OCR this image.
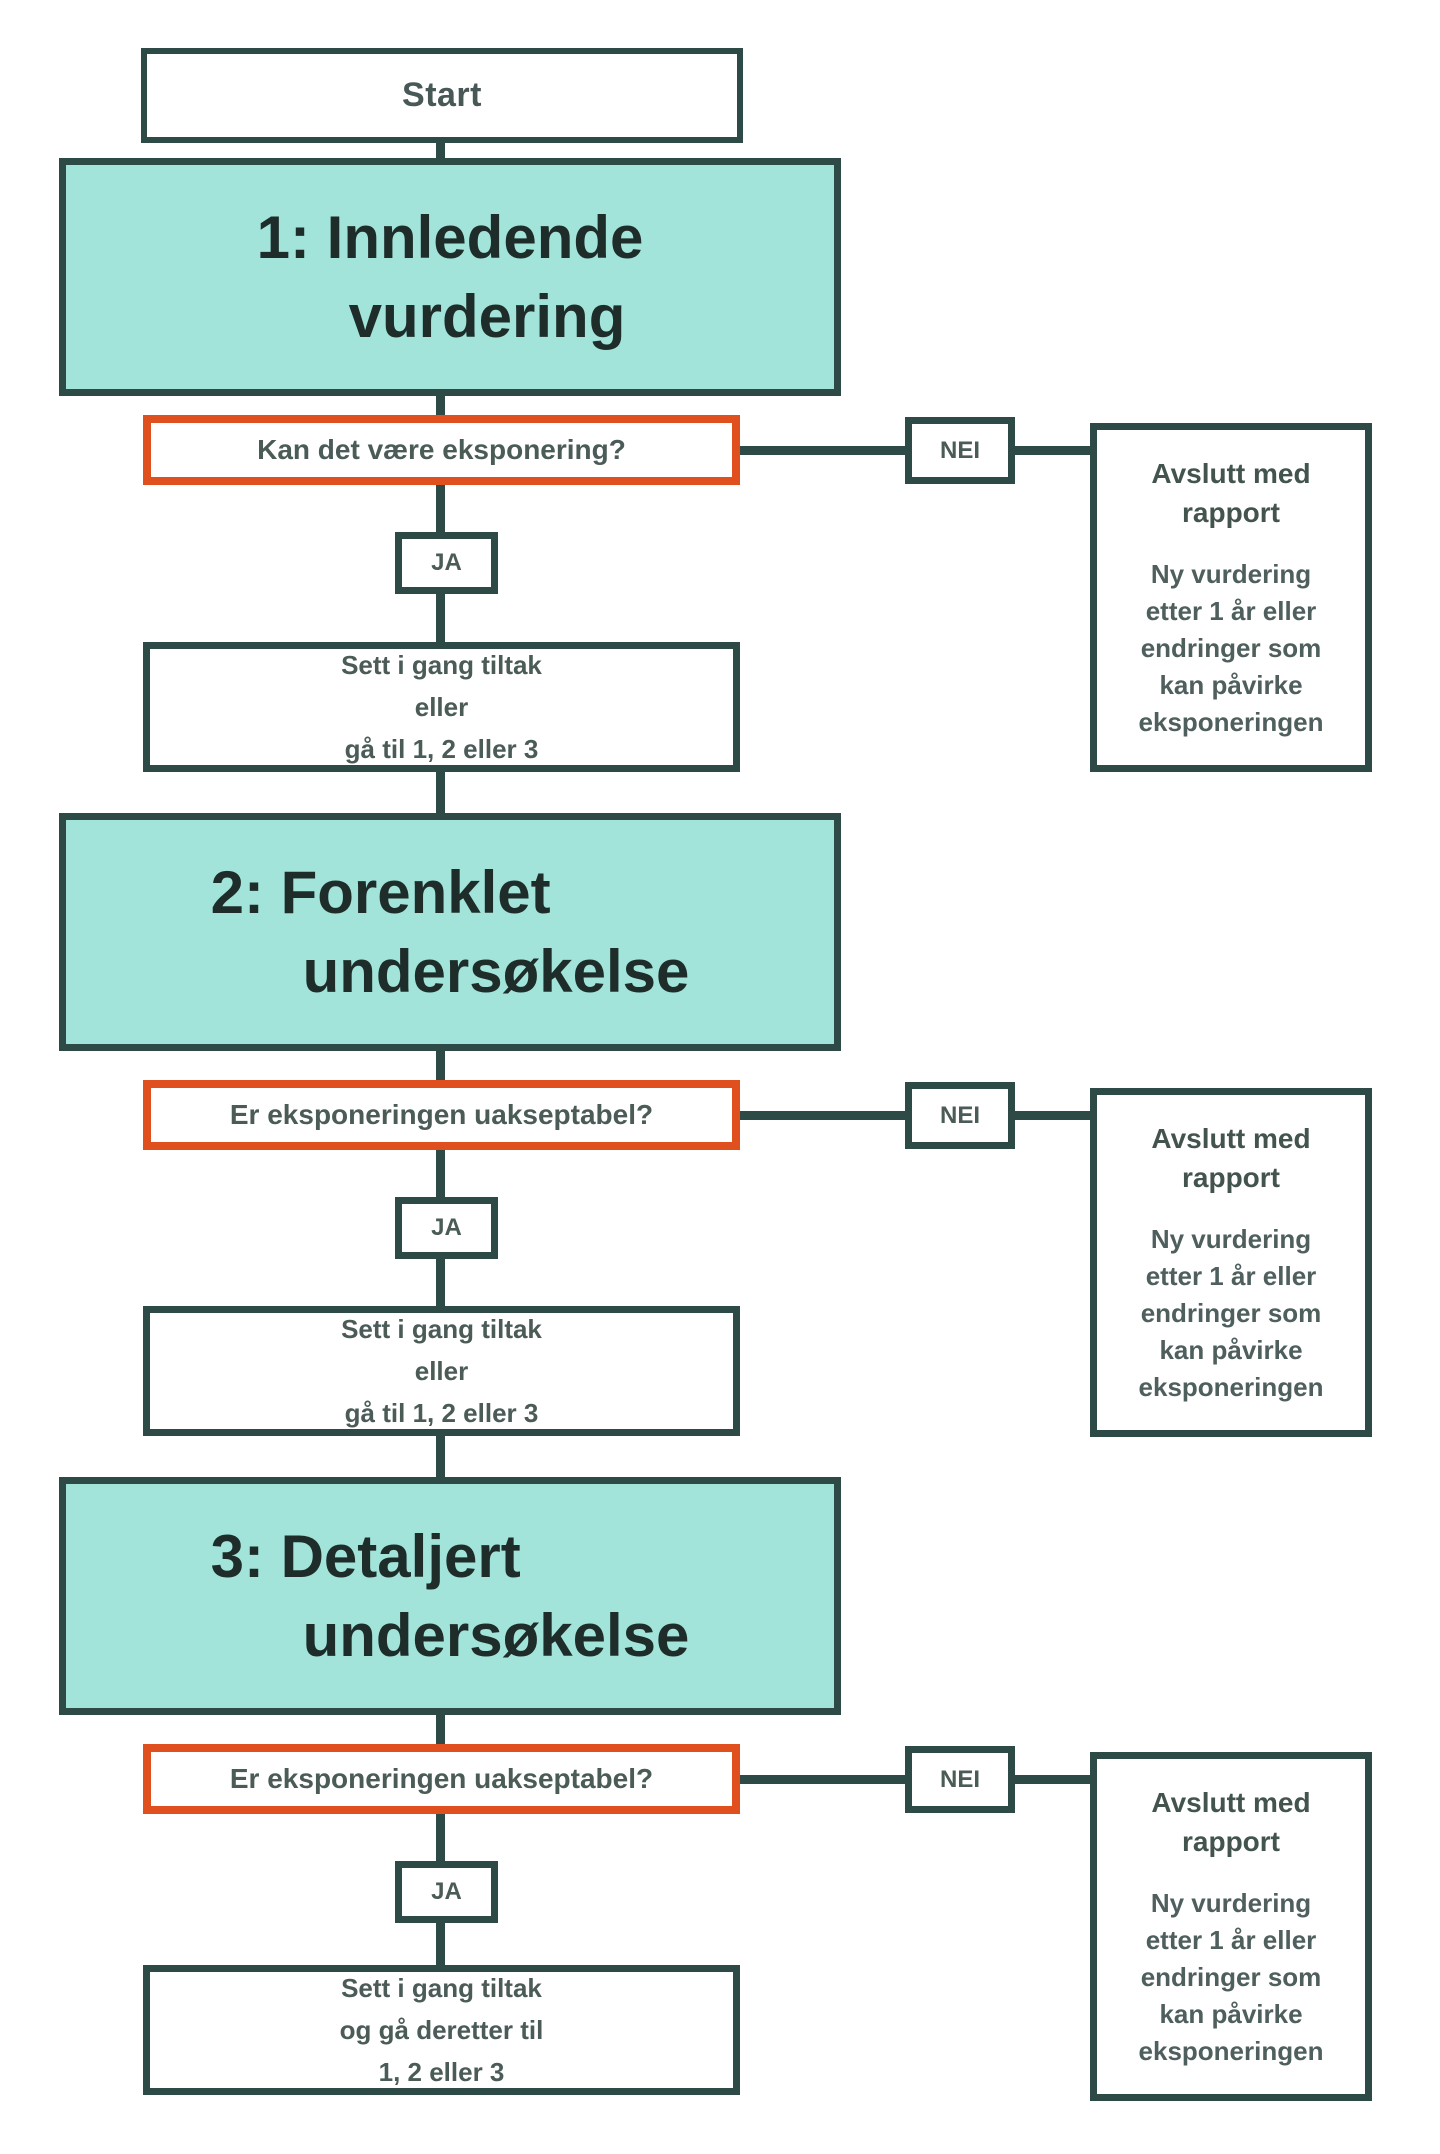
Start
1: Innledende
vurdering
Kan det være eksponering?	NEI
Avslutt med
rapport
Ny vurdering
etter 1 år eller
endringer som
kan påvirke
eksponeringen
JA
Sett i gang tiltak
eller
gå til 1, 2 eller 3
2: Forenklet
undersøkelse
Er eksponeringen uakseptabel?	NEI
Avslutt med
rapport
Ny vurdering
etter 1 år eller
endringer som
kan påvirke
eksponeringen
JA
Sett i gang tiltak
eller
gå til 1, 2 eller 3
3: Detaljert
undersøkelse
Er eksponeringen uakseptabel?	NEI
Avslutt med
rapport
Ny vurdering
etter 1 år eller
endringer som
kan påvirke
eksponeringen
JA
Sett i gang tiltak
og gå deretter til
1, 2 eller 3
